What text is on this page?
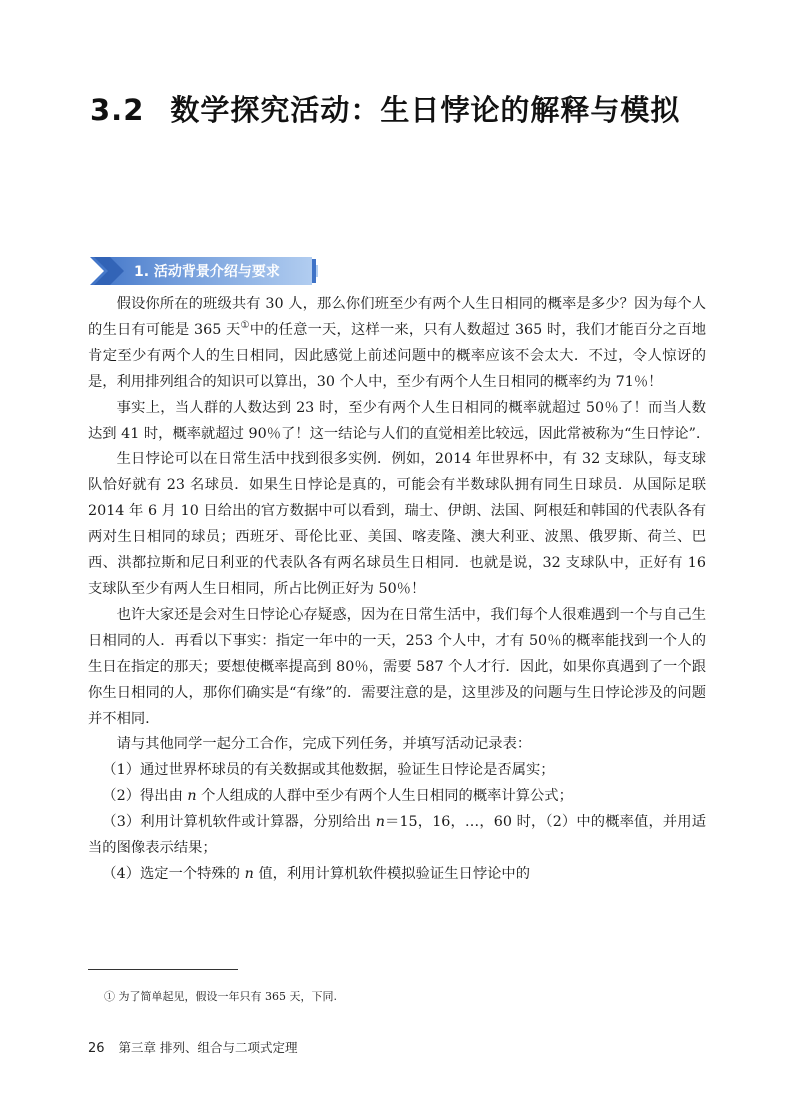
3.2 数学探究活动：生日悖论的解释与模拟
1. 活动背景介绍与要求

假设你所在的班级共有 30 人，那么你们班至少有两个人生日相同的概率是多少？因为每个人的生日有可能是 365 天①中的任意一天，这样一来，只有人数超过 365 时，我们才能百分之百地肯定至少有两个人的生日相同，因此感觉上前述问题中的概率应该不会太大．不过，令人惊讶的是，利用排列组合的知识可以算出，30 个人中，至少有两个人生日相同的概率约为 71％！

事实上，当人群的人数达到 23 时，至少有两个人生日相同的概率就超过 50％了！而当人数达到 41 时，概率就超过 90％了！这一结论与人们的直觉相差比较远，因此常被称为“生日悖论”.

生日悖论可以在日常生活中找到很多实例．例如，2014 年世界杯中，有 32 支球队，每支球队恰好就有 23 名球员．如果生日悖论是真的，可能会有半数球队拥有同生日球员．从国际足联 2014 年 6 月 10 日给出的官方数据中可以看到，瑞士、伊朗、法国、阿根廷和韩国的代表队各有两对生日相同的球员；西班牙、哥伦比亚、美国、喀麦隆、澳大利亚、波黑、俄罗斯、荷兰、巴西、洪都拉斯和尼日利亚的代表队各有两名球员生日相同．也就是说，32 支球队中，正好有 16 支球队至少有两人生日相同，所占比例正好为 50％！

也许大家还是会对生日悖论心存疑惑，因为在日常生活中，我们每个人很难遇到一个与自己生日相同的人．再看以下事实：指定一年中的一天，253 个人中，才有 50％的概率能找到一个人的生日在指定的那天；要想使概率提高到 80％，需要 587 个人才行．因此，如果你真遇到了一个跟你生日相同的人，那你们确实是“有缘”的．需要注意的是，这里涉及的问题与生日悖论涉及的问题并不相同.

请与其他同学一起分工合作，完成下列任务，并填写活动记录表：

（1）通过世界杯球员的有关数据或其他数据，验证生日悖论是否属实；

（2）得出由 n 个人组成的人群中至少有两个人生日相同的概率计算公式；

（3）利用计算机软件或计算器，分别给出 n＝15，16，…，60 时，（2）中的概率值，并用适当的图像表示结果；

（4）选定一个特殊的 n 值，利用计算机软件模拟验证生日悖论中的

① 为了简单起见，假设一年只有 365 天，下同.
26 第三章 排列、组合与二项式定理
